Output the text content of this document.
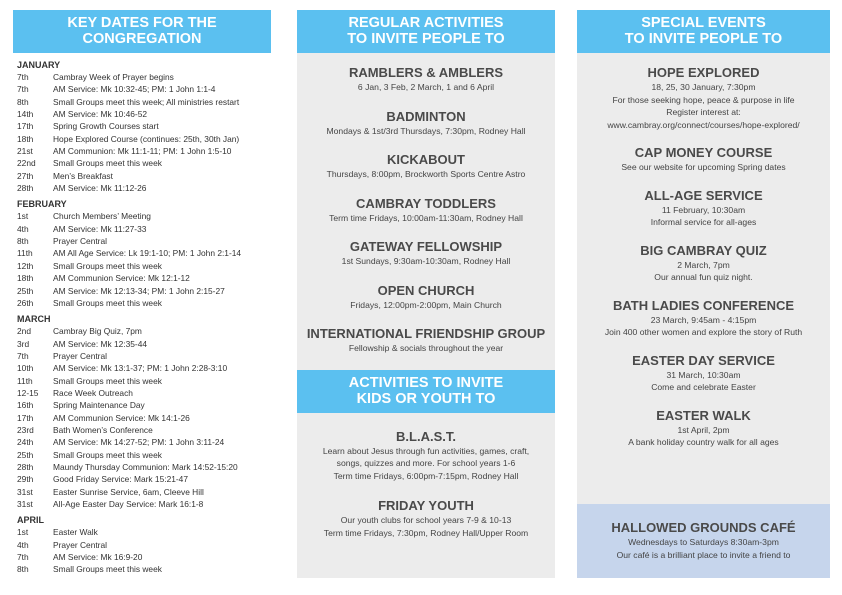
KEY DATES FOR THE
CONGREGATION
JANUARY
7th	Cambray Week of Prayer begins
7th	AM Service: Mk 10:32-45; PM: 1 John 1:1-4
8th	Small Groups meet this week; All ministries restart
14th	AM Service: Mk 10:46-52
17th	Spring Growth Courses start
18th	Hope Explored Course (continues: 25th, 30th Jan)
21st	AM Communion: Mk 11:1-11; PM: 1 John 1:5-10
22nd	Small Groups meet this week
27th	Men’s Breakfast
28th	AM Service: Mk 11:12-26
FEBRUARY
1st	Church Members’ Meeting
4th	AM Service: Mk 11:27-33
8th	Prayer Central
11th	AM All Age Service: Lk 19:1-10; PM: 1 John 2:1-14
12th	Small Groups meet this week
18th	AM Communion Service: Mk 12:1-12
25th	AM Service: Mk 12:13-34; PM: 1 John 2:15-27
26th	Small Groups meet this week
MARCH
2nd	Cambray Big Quiz, 7pm
3rd	AM Service: Mk 12:35-44
7th	Prayer Central
10th	AM Service: Mk 13:1-37; PM: 1 John 2:28-3:10
11th	Small Groups meet this week
12-15	Race Week Outreach
16th	Spring Maintenance Day
17th	AM Communion Service: Mk 14:1-26
23rd	Bath Women’s Conference
24th	AM Service: Mk 14:27-52; PM: 1 John 3:11-24
25th	Small Groups meet this week
28th	Maundy Thursday Communion: Mark 14:52-15:20
29th	Good Friday Service: Mark 15:21-47
31st	Easter Sunrise Service, 6am, Cleeve Hill
31st	All-Age Easter Day Service: Mark 16:1-8
APRIL
1st	Easter Walk
4th	Prayer Central
7th	AM Service: Mk 16:9-20
8th	Small Groups meet this week
REGULAR ACTIVITIES
TO INVITE PEOPLE TO
RAMBLERS & AMBLERS
6 Jan, 3 Feb, 2 March, 1 and 6 April
BADMINTON
Mondays & 1st/3rd Thursdays, 7:30pm, Rodney Hall
KICKABOUT
Thursdays, 8:00pm, Brockworth Sports Centre Astro
CAMBRAY TODDLERS
Term time Fridays, 10:00am-11:30am, Rodney Hall
GATEWAY FELLOWSHIP
1st Sundays, 9:30am-10:30am, Rodney Hall
OPEN CHURCH
Fridays, 12:00pm-2:00pm, Main Church
INTERNATIONAL FRIENDSHIP GROUP
Fellowship & socials throughout the year
ACTIVITIES TO INVITE
KIDS OR YOUTH TO
B.L.A.S.T.
Learn about Jesus through fun activities, games, craft,
songs, quizzes and more. For school years 1-6
Term time Fridays, 6:00pm-7:15pm, Rodney Hall
FRIDAY YOUTH
Our youth clubs for school years 7-9 & 10-13
Term time Fridays, 7:30pm, Rodney Hall/Upper Room
SPECIAL EVENTS
TO INVITE PEOPLE TO
HOPE EXPLORED
18, 25, 30 January, 7:30pm
For those seeking hope, peace & purpose in life
Register interest at:
www.cambray.org/connect/courses/hope-explored/
CAP MONEY COURSE
See our website for upcoming Spring dates
ALL-AGE SERVICE
11 February, 10:30am
Informal service for all-ages
BIG CAMBRAY QUIZ
2 March, 7pm
Our annual fun quiz night.
BATH LADIES CONFERENCE
23 March, 9:45am - 4:15pm
Join 400 other women and explore the story of Ruth
EASTER DAY SERVICE
31 March, 10:30am
Come and celebrate Easter
EASTER WALK
1st April, 2pm
A bank holiday country walk for all ages
HALLOWED GROUNDS CAFÉ
Wednesdays to Saturdays 8:30am-3pm
Our café is a brilliant place to invite a friend to
